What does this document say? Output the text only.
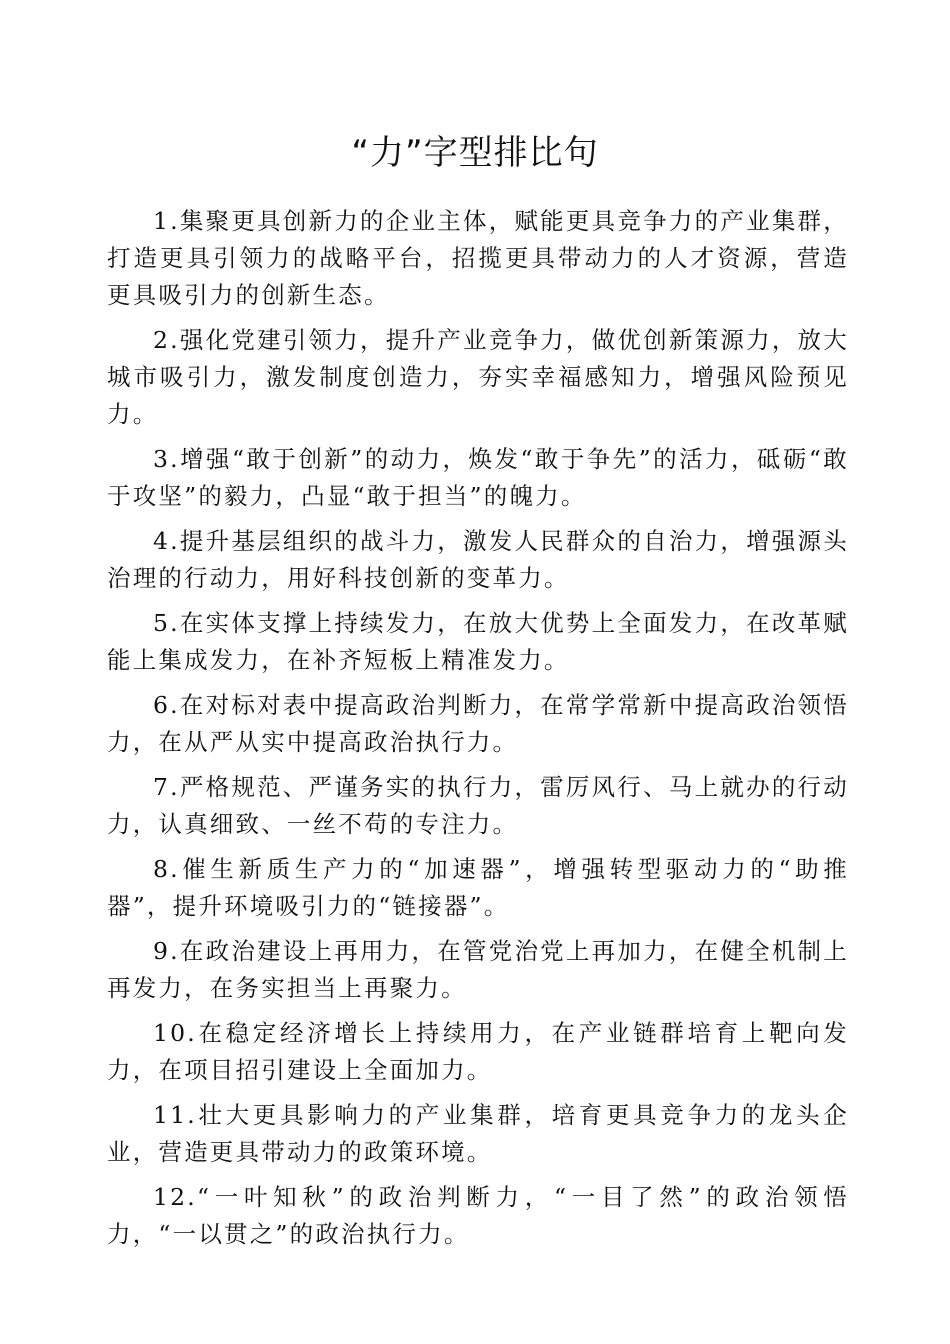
“力”字型排比句

1.集聚更具创新力的企业主体，赋能更具竞争力的产业集群，打造更具引领力的战略平台，招揽更具带动力的人才资源，营造更具吸引力的创新生态。

2.强化党建引领力，提升产业竞争力，做优创新策源力，放大城市吸引力，激发制度创造力，夯实幸福感知力，增强风险预见力。

3.增强“敢于创新”的动力，焕发“敢于争先”的活力，砥砺“敢于攻坚”的毅力，凸显“敢于担当”的魄力。

4.提升基层组织的战斗力，激发人民群众的自治力，增强源头治理的行动力，用好科技创新的变革力。

5.在实体支撑上持续发力，在放大优势上全面发力，在改革赋能上集成发力，在补齐短板上精准发力。

6.在对标对表中提高政治判断力，在常学常新中提高政治领悟力，在从严从实中提高政治执行力。

7.严格规范、严谨务实的执行力，雷厉风行、马上就办的行动力，认真细致、一丝不苟的专注力。

8.催生新质生产力的“加速器”，增强转型驱动力的“助推器”，提升环境吸引力的“链接器”。

9.在政治建设上再用力，在管党治党上再加力，在健全机制上再发力，在务实担当上再聚力。

10.在稳定经济增长上持续用力，在产业链群培育上靶向发力，在项目招引建设上全面加力。

11.壮大更具影响力的产业集群，培育更具竞争力的龙头企业，营造更具带动力的政策环境。

12.“一叶知秋”的政治判断力，“一目了然”的政治领悟力，“一以贯之”的政治执行力。
